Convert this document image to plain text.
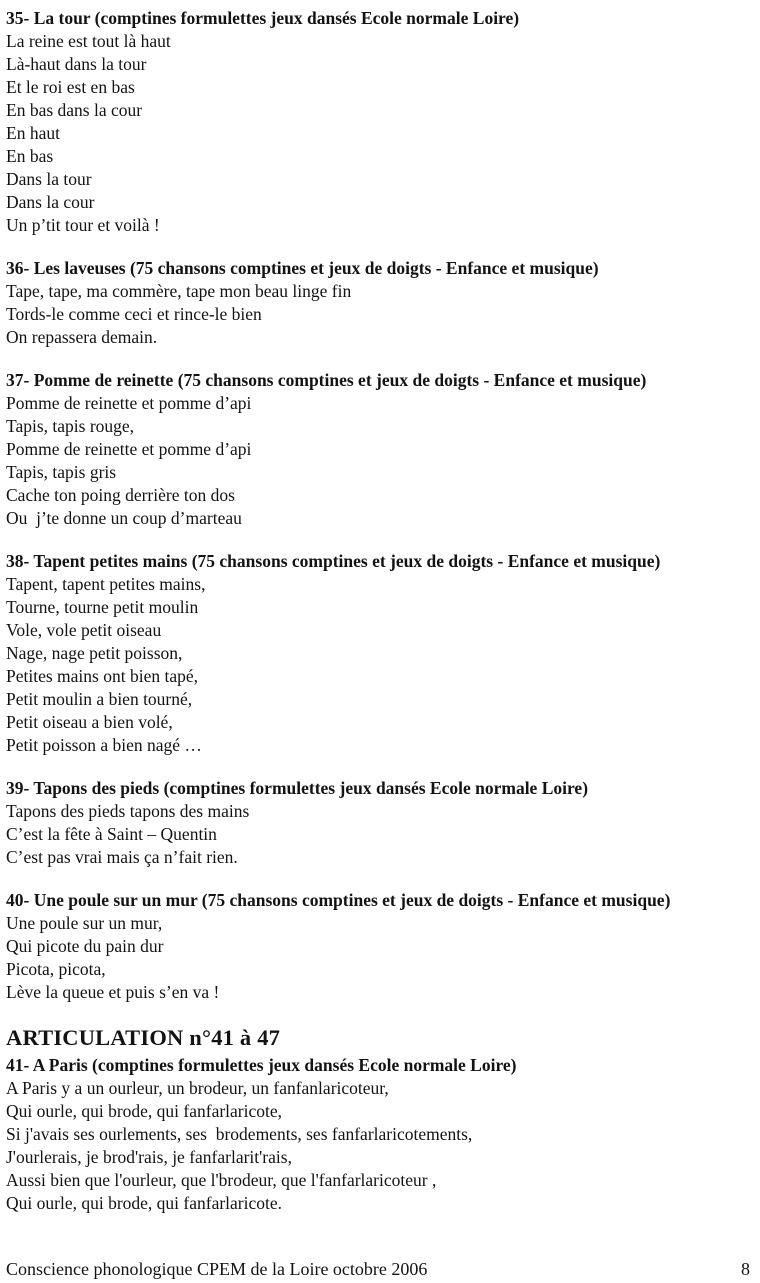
35- La tour (comptines formulettes jeux dansés Ecole normale Loire)
La reine est tout là haut
Là-haut dans la tour
Et le roi est en bas
En bas dans la cour
En haut
En bas
Dans la tour
Dans la cour
Un p’tit tour et voilà !
36- Les laveuses (75 chansons comptines et jeux de doigts - Enfance et musique)
Tape, tape, ma commère, tape mon beau linge fin
Tords-le comme ceci et rince-le bien
On repassera demain.
37- Pomme de reinette (75 chansons comptines et jeux de doigts - Enfance et musique)
Pomme de reinette et pomme d’api
Tapis, tapis rouge,
Pomme de reinette et pomme d’api
Tapis, tapis gris
Cache ton poing derrière ton dos
Ou  j’te donne un coup d’marteau
38- Tapent petites mains (75 chansons comptines et jeux de doigts - Enfance et musique)
Tapent, tapent petites mains,
Tourne, tourne petit moulin
Vole, vole petit oiseau
Nage, nage petit poisson,
Petites mains ont bien tapé,
Petit moulin a bien tourné,
Petit oiseau a bien volé,
Petit poisson a bien nagé …
39- Tapons des pieds (comptines formulettes jeux dansés Ecole normale Loire)
Tapons des pieds tapons des mains
C’est la fête à Saint – Quentin
C’est pas vrai mais ça n’fait rien.
40- Une poule sur un mur (75 chansons comptines et jeux de doigts - Enfance et musique)
Une poule sur un mur,
Qui picote du pain dur
Picota, picota,
Lève la queue et puis s’en va !
ARTICULATION n°41 à 47
41- A Paris (comptines formulettes jeux dansés Ecole normale Loire)
A Paris y a un ourleur, un brodeur, un fanfanlaricoteur,
Qui ourle, qui brode, qui fanfarlaricote,
Si j'avais ses ourlements, ses  brodements, ses fanfarlaricotements,
J'ourlerais, je brod'rais, je fanfarlarit'rais,
Aussi bien que l'ourleur, que l'brodeur, que l'fanfarlaricoteur ,
Qui ourle, qui brode, qui fanfarlaricote.
Conscience phonologique CPEM de la Loire octobre 2006	8
